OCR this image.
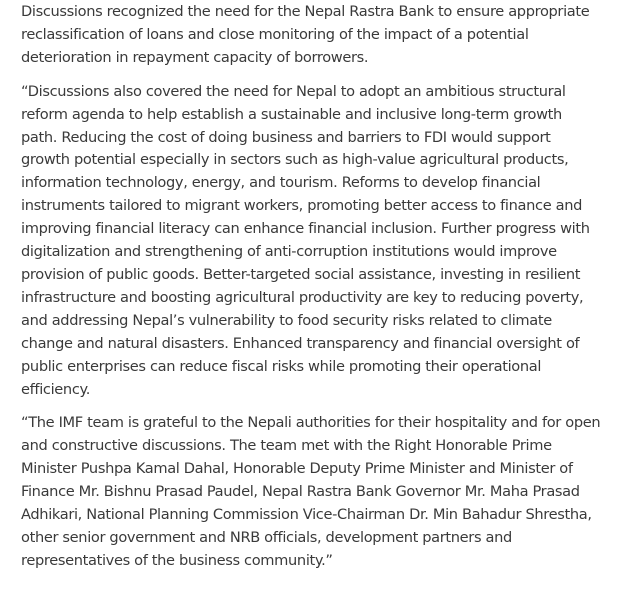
Discussions recognized the need for the Nepal Rastra Bank to ensure appropriate
reclassification of loans and close monitoring of the impact of a potential
deterioration in repayment capacity of borrowers.

“Discussions also covered the need for Nepal to adopt an ambitious structural
reform agenda to help establish a sustainable and inclusive long-term growth
path. Reducing the cost of doing business and barriers to FDI would support
growth potential especially in sectors such as high-value agricultural products,
information technology, energy, and tourism. Reforms to develop financial
instruments tailored to migrant workers, promoting better access to finance and
improving financial literacy can enhance financial inclusion. Further progress with
digitalization and strengthening of anti-corruption institutions would improve
provision of public goods. Better-targeted social assistance, investing in resilient
infrastructure and boosting agricultural productivity are key to reducing poverty,
and addressing Nepal’s vulnerability to food security risks related to climate
change and natural disasters. Enhanced transparency and financial oversight of
public enterprises can reduce fiscal risks while promoting their operational
efficiency.

“The IMF team is grateful to the Nepali authorities for their hospitality and for open
and constructive discussions. The team met with the Right Honorable Prime
Minister Pushpa Kamal Dahal, Honorable Deputy Prime Minister and Minister of
Finance Mr. Bishnu Prasad Paudel, Nepal Rastra Bank Governor Mr. Maha Prasad
Adhikari, National Planning Commission Vice-Chairman Dr. Min Bahadur Shrestha,
other senior government and NRB officials, development partners and
representatives of the business community.”
